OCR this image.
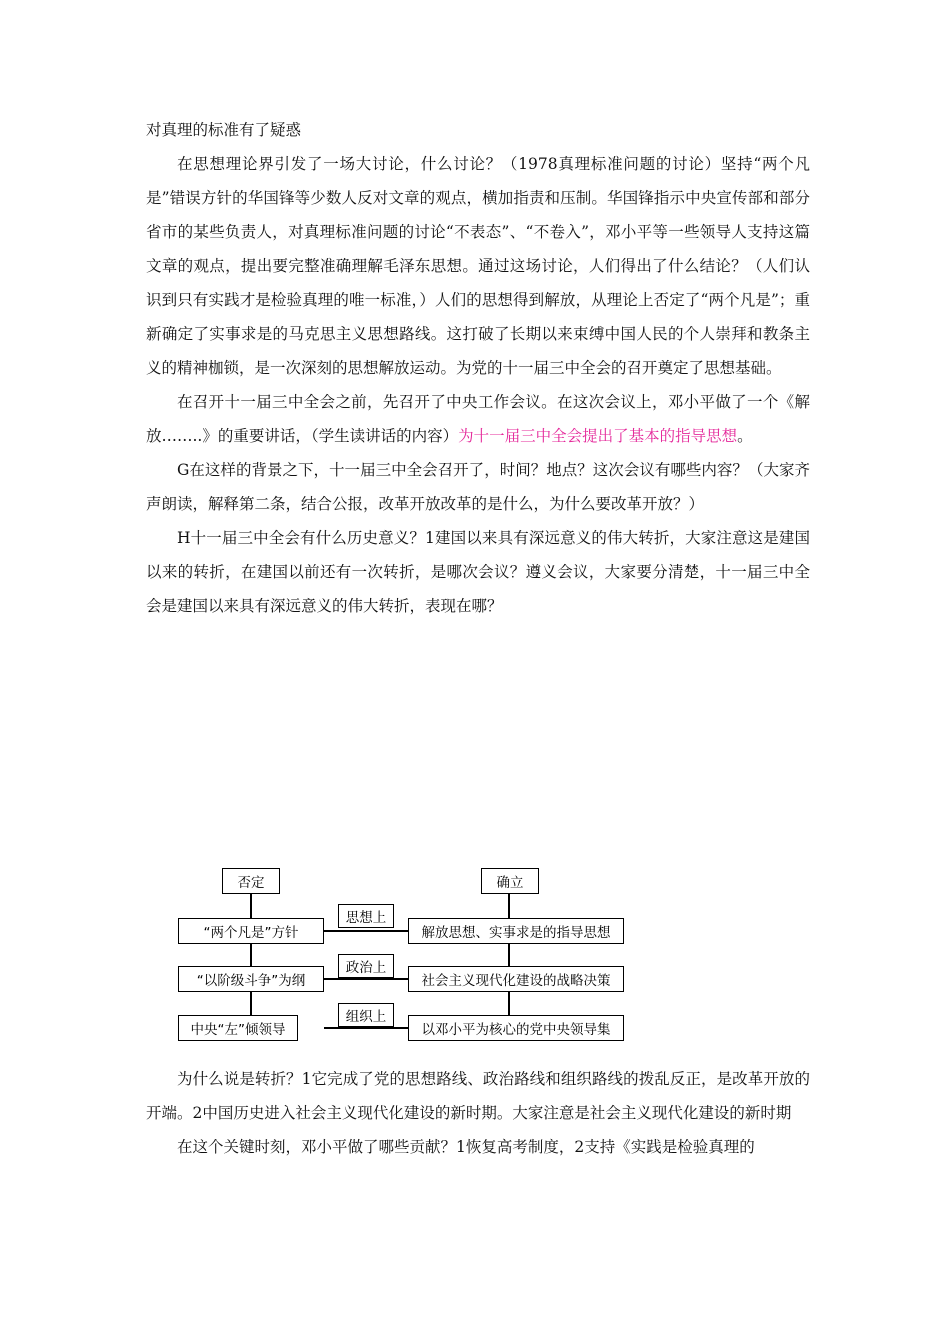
对真理的标准有了疑惑

在思想理论界引发了一场大讨论，什么讨论？（1978真理标准问题的讨论）坚持“两个凡是”错误方针的华国锋等少数人反对文章的观点，横加指责和压制。华国锋指示中央宣传部和部分省市的某些负责人，对真理标准问题的讨论“不表态”、“不卷入”，邓小平等一些领导人支持这篇文章的观点，提出要完整准确理解毛泽东思想。通过这场讨论，人们得出了什么结论？（人们认识到只有实践才是检验真理的唯一标准，）人们的思想得到解放，从理论上否定了“两个凡是”；重新确定了实事求是的马克思主义思想路线。这打破了长期以来束缚中国人民的个人崇拜和教条主义的精神枷锁，是一次深刻的思想解放运动。为党的十一届三中全会的召开奠定了思想基础。

在召开十一届三中全会之前，先召开了中央工作会议。在这次会议上，邓小平做了一个《解放……..》的重要讲话，（学生读讲话的内容）为十一届三中全会提出了基本的指导思想。

G在这样的背景之下，十一届三中全会召开了，时间？地点？这次会议有哪些内容？（大家齐声朗读，解释第二条，结合公报，改革开放改革的是什么，为什么要改革开放？）

H十一届三中全会有什么历史意义？1建国以来具有深远意义的伟大转折，大家注意这是建国以来的转折，在建国以前还有一次转折，是哪次会议？遵义会议，大家要分清楚，十一届三中全会是建国以来具有深远意义的伟大转折，表现在哪？

否定	确立
“两个凡是”方针
思想上
解放思想、实事求是的指导思想
“以阶级斗争”为纲
政治上
社会主义现代化建设的战略决策
中央“左”倾领导
组织上
以邓小平为核心的党中央领导集

为什么说是转折？1它完成了党的思想路线、政治路线和组织路线的拨乱反正，是改革开放的开端。2中国历史进入社会主义现代化建设的新时期。大家注意是社会主义现代化建设的新时期

在这个关键时刻，邓小平做了哪些贡献？1恢复高考制度，2支持《实践是检验真理的
